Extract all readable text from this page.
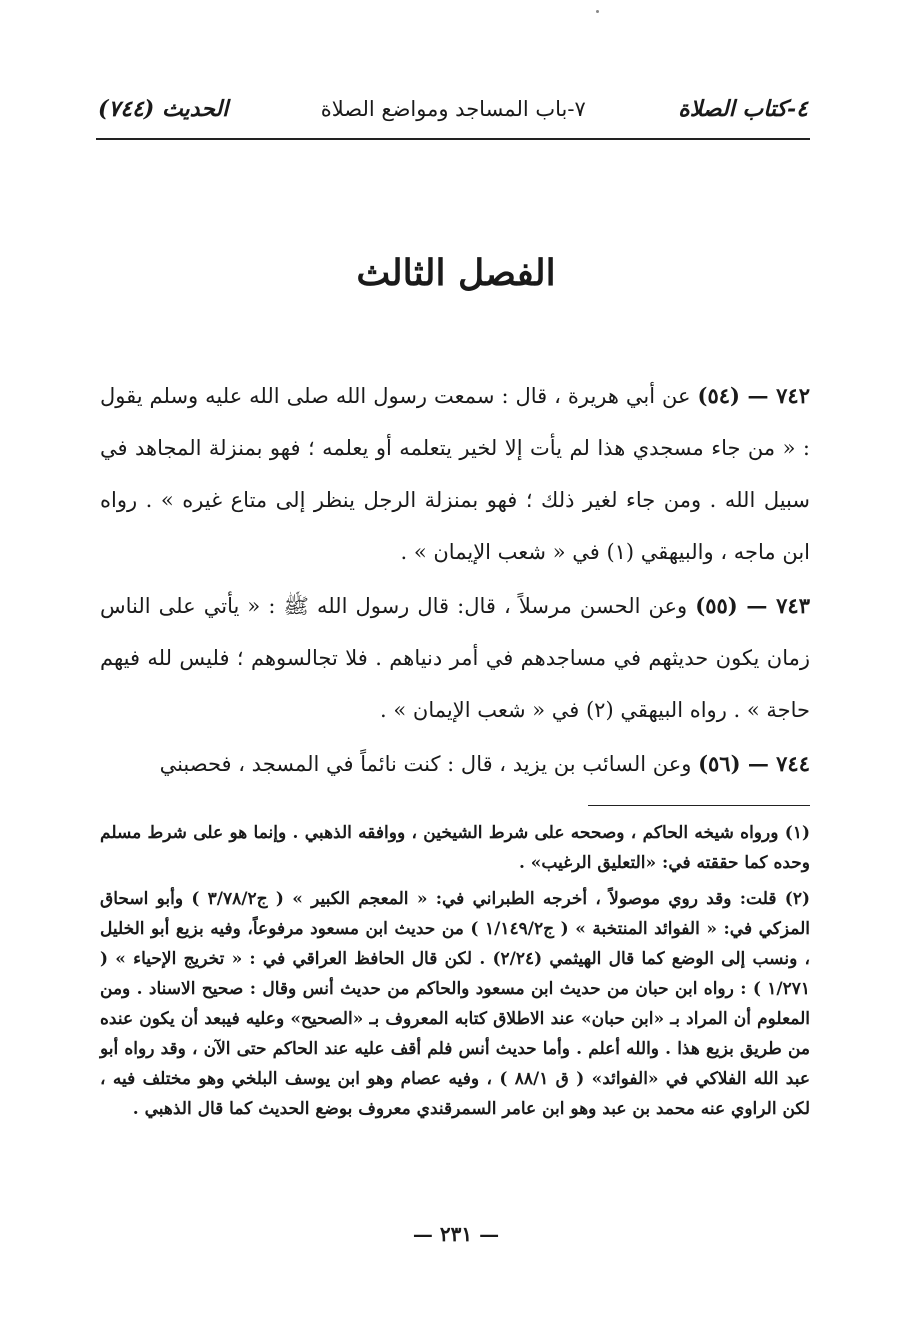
٤-كتاب الصلاة
٧-باب المساجد ومواضع الصلاة
الحديث (٧٤٤)
الفصل الثالث

٧٤٢ — (٥٤) عن أبي هريرة ، قال : سمعت رسول الله صلى الله عليه وسلم يقول : « من جاء مسجدي هذا لم يأت إلا لخير يتعلمه أو يعلمه ؛ فهو بمنزلة المجاهد في سبيل الله . ومن جاء لغير ذلك ؛ فهو بمنزلة الرجل ينظر إلى متاع غيره » . رواه ابن ماجه ، والبيهقي (١) في « شعب الإيمان » .

٧٤٣ — (٥٥) وعن الحسن مرسلاً ، قال: قال رسول الله ﷺ : « يأتي على الناس زمان يكون حديثهم في مساجدهم في أمر دنياهم . فلا تجالسوهم ؛ فليس لله فيهم حاجة » . رواه البيهقي (٢) في « شعب الإيمان » .

٧٤٤ — (٥٦) وعن السائب بن يزيد ، قال : كنت نائماً في المسجد ، فحصبني

(١) ورواه شيخه الحاكم ، وصححه على شرط الشيخين ، ووافقه الذهبي . وإنما هو على شرط مسلم وحده كما حققته في: «التعليق الرغيب» .

(٢) قلت: وقد روي موصولاً ، أخرجه الطبراني في: « المعجم الكبير » ( ج٣/٧٨/٢ ) وأبو اسحاق المزكي في: « الفوائد المنتخبة » ( ج١/١٤٩/٢ ) من حديث ابن مسعود مرفوعاً، وفيه بزيع أبو الخليل ، ونسب إلى الوضع كما قال الهيثمي (٢/٢٤) . لكن قال الحافظ العراقي في : « تخريج الإحياء » ( ١/٢٧١ ) : رواه ابن حبان من حديث ابن مسعود والحاكم من حديث أنس وقال : صحيح الاسناد . ومن المعلوم أن المراد بـ «ابن حبان» عند الاطلاق كتابه المعروف بـ «الصحيح» وعليه فيبعد أن يكون عنده من طريق بزيع هذا . والله أعلم . وأما حديث أنس فلم أقف عليه عند الحاكم حتى الآن ، وقد رواه أبو عبد الله الفلاكي في «الفوائد» ( ق ٨٨/١ ) ، وفيه عصام وهو ابن يوسف البلخي وهو مختلف فيه ، لكن الراوي عنه محمد بن عبد وهو ابن عامر السمرقندي معروف بوضع الحديث كما قال الذهبي .

— ٢٣١ —
